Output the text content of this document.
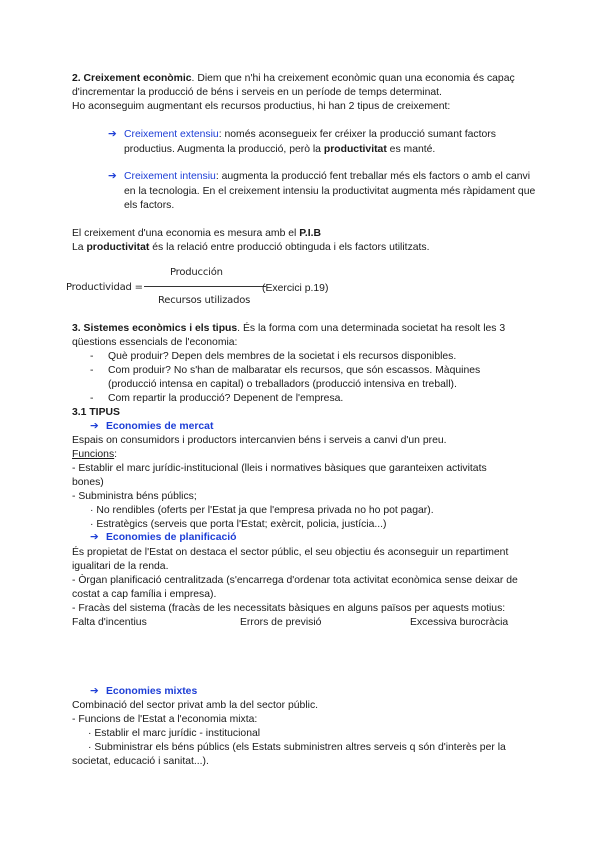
2. Creixement econòmic. Diem que n'hi ha creixement econòmic quan una economia és capaç
d'incrementar la producció de béns i serveis en un període de temps determinat.
Ho aconseguim augmentant els recursos productius, hi han 2 tipus de creixement:
➔ Creixement extensiu: només aconsegueix fer créixer la producció sumant factors
productius. Augmenta la producció, però la productivitat es manté.
➔ Creixement intensiu: augmenta la producció fent treballar més els factors o amb el canvi
en la tecnologia. En el creixement intensiu la productivitat augmenta més ràpidament que
els factors.
El creixement d'una economia es mesura amb el P.I.B
La productivitat és la relació entre producció obtinguda i els factors utilitzats.
Productividad =
Producción
Recursos utilizados
(Exercici p.19)
3. Sistemes econòmics i els tipus. És la forma com una determinada societat ha resolt les 3
qüestions essencials de l'economia:
- Què produir? Depen dels membres de la societat i els recursos disponibles.
- Com produir? No s'han de malbaratar els recursos, que són escassos. Màquines
(producció intensa en capital) o treballadors (producció intensiva en treball).
- Com repartir la producció? Depenent de l'empresa.
3.1 TIPUS
➔ Economies de mercat
Espais on consumidors i productors intercanvien béns i serveis a canvi d'un preu.
Funcions:
- Establir el marc jurídic-institucional (lleis i normatives bàsiques que garanteixen activitats
bones)
- Subministra béns públics;
· No rendibles (oferts per l'Estat ja que l'empresa privada no ho pot pagar).
· Estratègics (serveis que porta l'Estat; exèrcit, policia, justícia...)
➔ Economies de planificació
És propietat de l'Estat on destaca el sector públic, el seu objectiu és aconseguir un repartiment
igualitari de la renda.
- Òrgan planificació centralitzada (s'encarrega d'ordenar tota activitat econòmica sense deixar de
costat a cap família i empresa).
- Fracàs del sistema (fracàs de les necessitats bàsiques en alguns països per aquests motius:
Falta d'incentius	Errors de previsió	Excessiva burocràcia
➔ Economies mixtes
Combinació del sector privat amb la del sector públic.
- Funcions de l'Estat a l'economia mixta:
· Establir el marc jurídic - institucional
· Subministrar els béns públics (els Estats subministren altres serveis q són d'interès per la
societat, educació i sanitat...).
